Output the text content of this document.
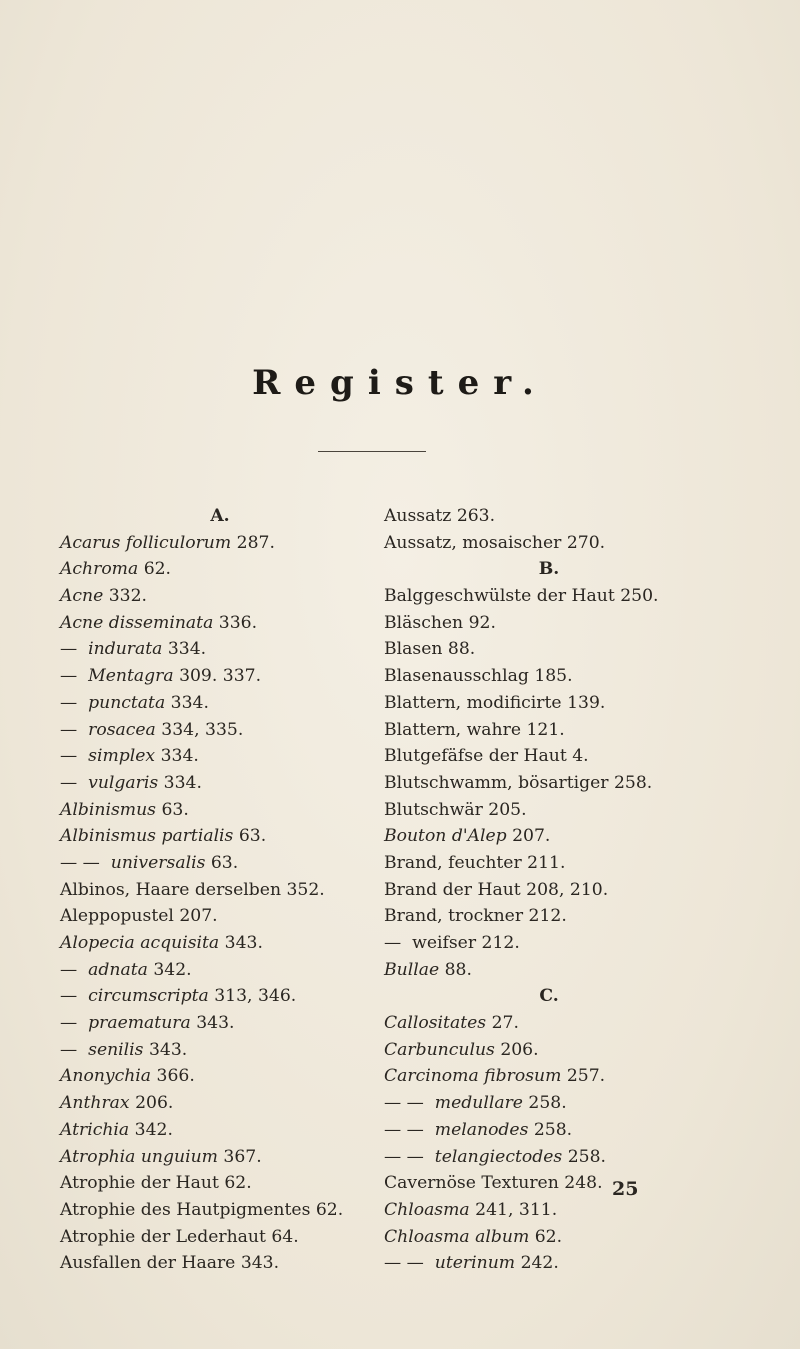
Register.
A.
Acarus folliculorum 287.
Achroma 62.
Acne 332.
Acne disseminata 336.
— indurata 334.
— Mentagra 309. 337.
— punctata 334.
— rosacea 334, 335.
— simplex 334.
— vulgaris 334.
Albinismus 63.
Albinismus partialis 63.
— — universalis 63.
Albinos, Haare derselben 352.
Aleppopustel 207.
Alopecia acquisita 343.
— adnata 342.
— circumscripta 313, 346.
— praematura 343.
— senilis 343.
Anonychia 366.
Anthrax 206.
Atrichia 342.
Atrophia unguium 367.
Atrophie der Haut 62.
Atrophie des Hautpigmentes 62.
Atrophie der Lederhaut 64.
Ausfallen der Haare 343.
Aussatz 263.
Aussatz, mosaischer 270.
B.
Balggeschwülste der Haut 250.
Bläschen 92.
Blasen 88.
Blasenausschlag 185.
Blattern, modificirte 139.
Blattern, wahre 121.
Blutgefäfse der Haut 4.
Blutschwamm, bösartiger 258.
Blutschwär 205.
Bouton d'Alep 207.
Brand, feuchter 211.
Brand der Haut 208, 210.
Brand, trockner 212.
— weifser 212.
Bullae 88.
C.
Callositates 27.
Carbunculus 206.
Carcinoma fibrosum 257.
— — medullare 258.
— — melanodes 258.
— — telangiectodes 258.
Cavernöse Texturen 248.
Chloasma 241, 311.
Chloasma album 62.
— — uterinum 242.
25
